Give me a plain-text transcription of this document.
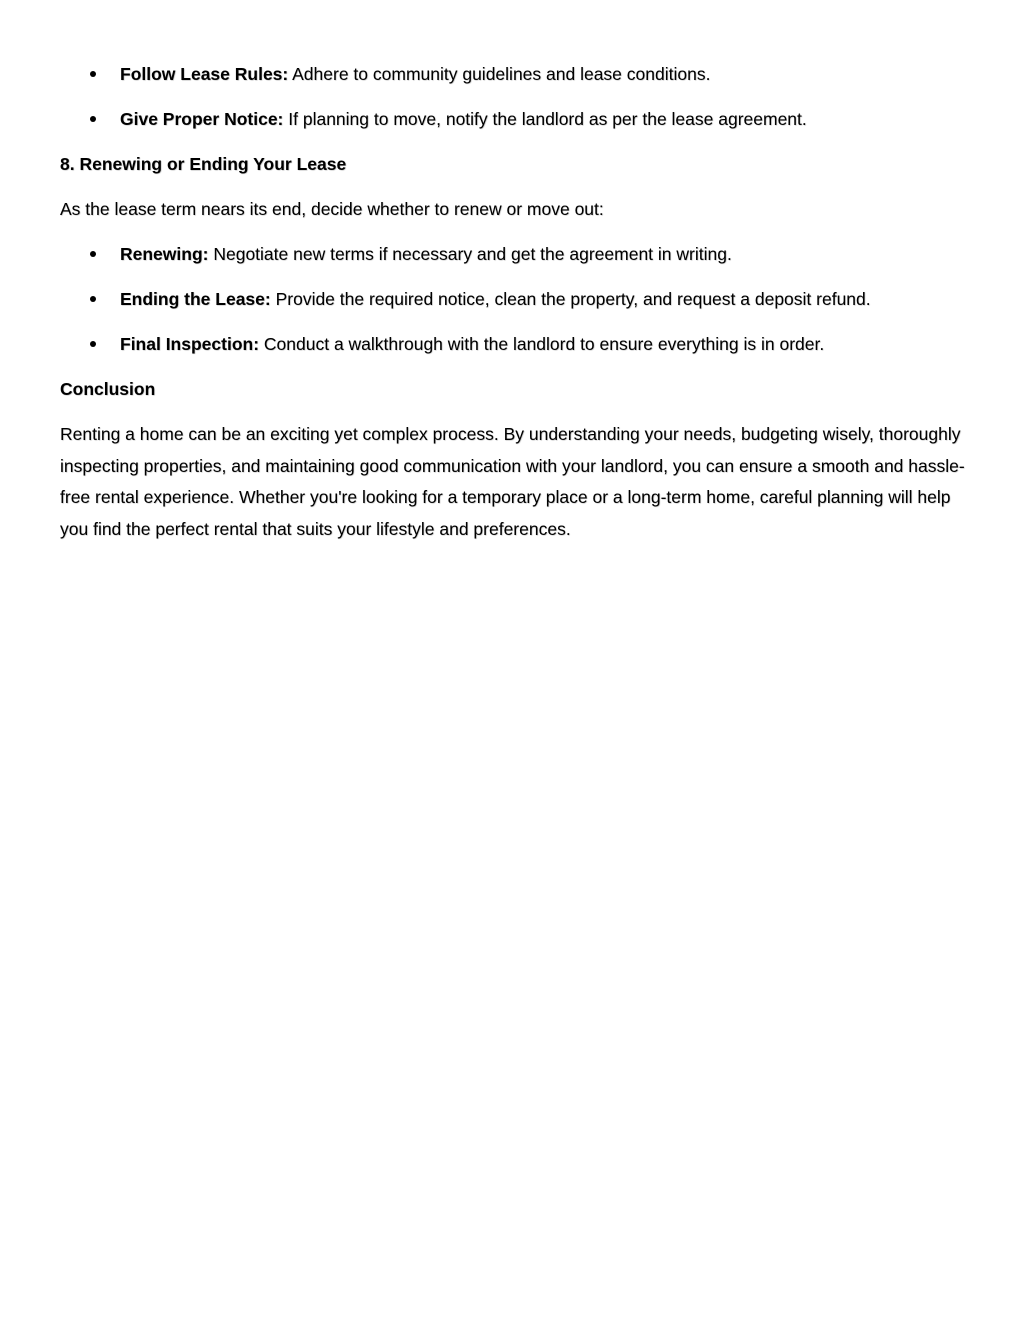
Follow Lease Rules: Adhere to community guidelines and lease conditions.
Give Proper Notice: If planning to move, notify the landlord as per the lease agreement.
8. Renewing or Ending Your Lease

As the lease term nears its end, decide whether to renew or move out:

Renewing: Negotiate new terms if necessary and get the agreement in writing.
Ending the Lease: Provide the required notice, clean the property, and request a deposit refund.
Final Inspection: Conduct a walkthrough with the landlord to ensure everything is in order.
Conclusion

Renting a home can be an exciting yet complex process. By understanding your needs, budgeting wisely, thoroughly inspecting properties, and maintaining good communication with your landlord, you can ensure a smooth and hassle-free rental experience. Whether you're looking for a temporary place or a long-term home, careful planning will help you find the perfect rental that suits your lifestyle and preferences.
